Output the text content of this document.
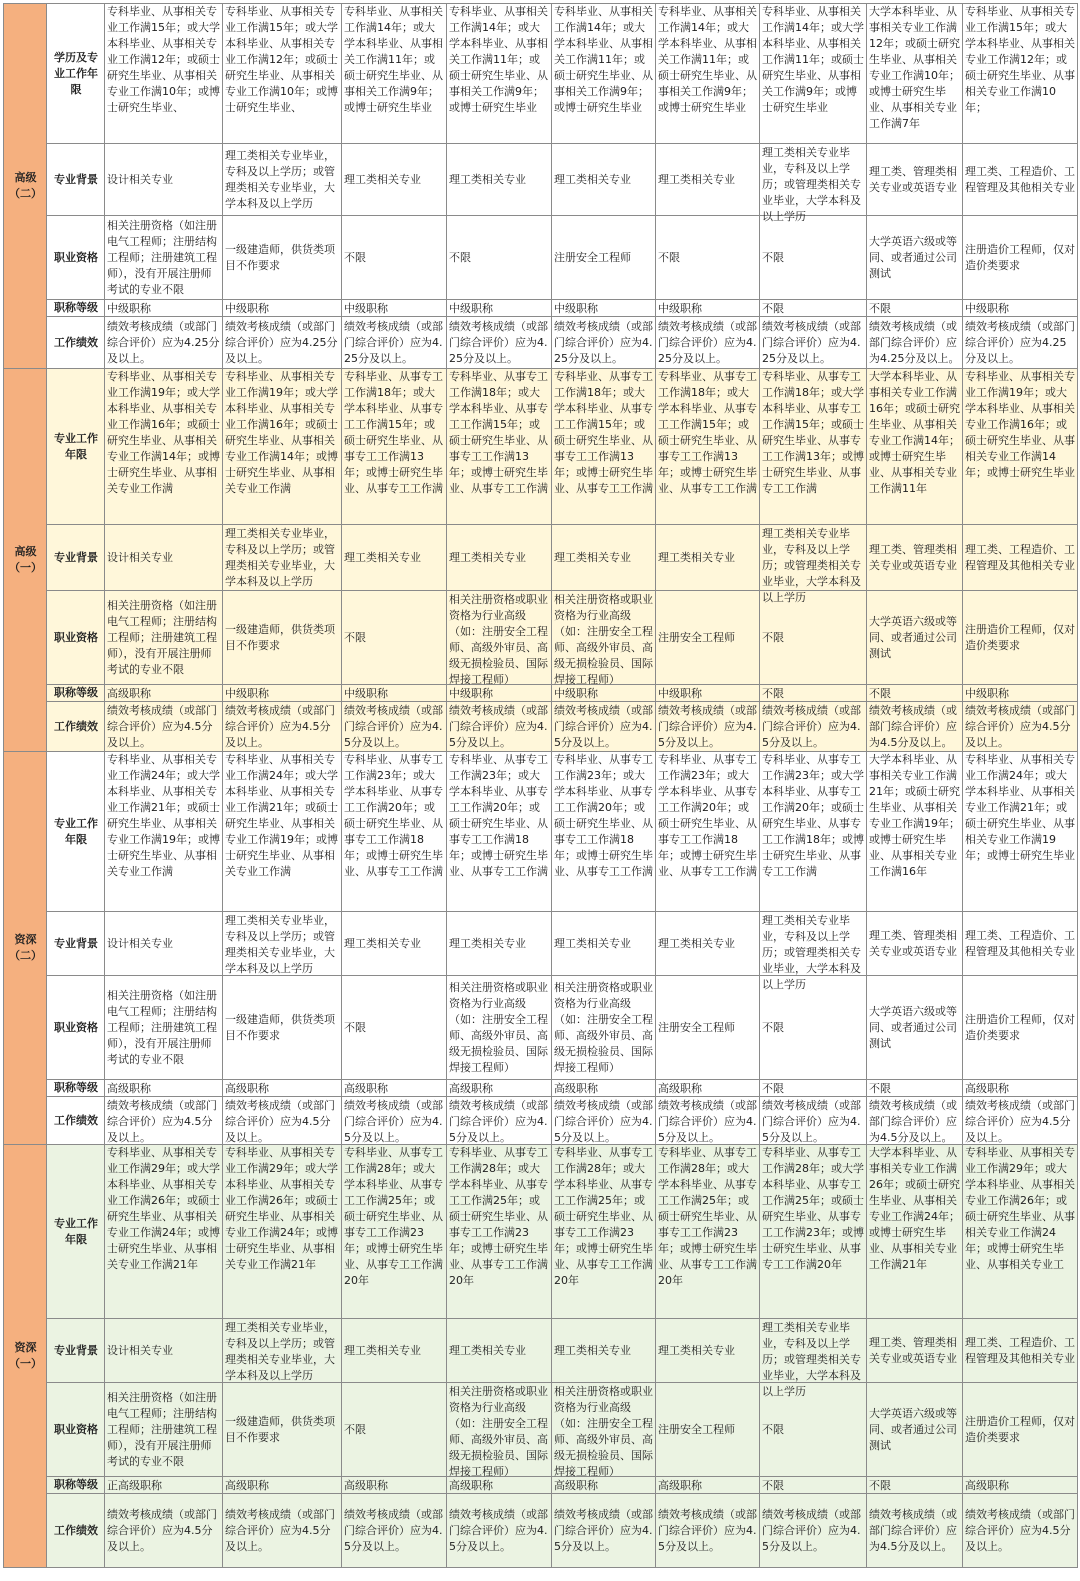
高级（二）	学历及专业工作年限	专科毕业、从事相关专业工作满15年；或大学本科毕业、从事相关专业工作满12年；或硕士研究生毕业、从事相关专业工作满10年；或博士研究生毕业、	专科毕业、从事相关专业工作满15年；或大学本科毕业、从事相关专业工作满12年；或硕士研究生毕业、从事相关专业工作满10年；或博士研究生毕业、	专科毕业、从事相关工作满14年；或大学本科毕业、从事相关工作满11年；或硕士研究生毕业、从事相关工作满9年；或博士研究生毕业	专科毕业、从事相关工作满14年；或大学本科毕业、从事相关工作满11年；或硕士研究生毕业、从事相关工作满9年；或博士研究生毕业	专科毕业、从事相关工作满14年；或大学本科毕业、从事相关工作满11年；或硕士研究生毕业、从事相关工作满9年；或博士研究生毕业	专科毕业、从事相关工作满14年；或大学本科毕业、从事相关工作满11年；或硕士研究生毕业、从事相关工作满9年；或博士研究生毕业	专科毕业、从事相关工作满14年；或大学本科毕业、从事相关工作满11年；或硕士研究生毕业、从事相关工作满9年；或博士研究生毕业	大学本科毕业、从事相关专业工作满12年；或硕士研究生毕业、从事相关专业工作满10年；或博士研究生毕业、从事相关专业工作满7年	专科毕业、从事相关专业工作满15年；或大学本科毕业、从事相关专业工作满12年；或硕士研究生毕业、从事相关专业工作满10年；

	专业背景	设计相关专业	理工类相关专业毕业，专科及以上学历；或管理类相关专业毕业，大学本科及以上学历	理工类相关专业	理工类相关专业	理工类相关专业	理工类相关专业	理工类相关专业毕业，专科及以上学历；或管理类相关专业毕业，大学本科及以上学历	理工类、管理类相关专业或英语专业	理工类、工程造价、工程管理及其他相关专业

	职业资格	相关注册资格（如注册电气工程师；注册结构工程师；注册建筑工程师），没有开展注册师考试的专业不限	一级建造师，供货类项目不作要求	不限	不限	注册安全工程师	不限	不限	大学英语六级或等同、或者通过公司测试	注册造价工程师，仅对造价类要求

	职称等级	中级职称	中级职称	中级职称	中级职称	中级职称	中级职称	不限	不限	中级职称

	工作绩效	绩效考核成绩（或部门综合评价）应为4.25分及以上。	绩效考核成绩（或部门综合评价）应为4.25分及以上。	绩效考核成绩（或部门综合评价）应为4.25分及以上。	绩效考核成绩（或部门综合评价）应为4.25分及以上。	绩效考核成绩（或部门综合评价）应为4.25分及以上。	绩效考核成绩（或部门综合评价）应为4.25分及以上。	绩效考核成绩（或部门综合评价）应为4.25分及以上。	绩效考核成绩（或部门综合评价）应为4.25分及以上。	绩效考核成绩（或部门综合评价）应为4.25分及以上。

高级（一）	专业工作年限	专科毕业、从事相关专业工作满19年；或大学本科毕业、从事相关专业工作满16年；或硕士研究生毕业、从事相关专业工作满14年；或博士研究生毕业、从事相关专业工作满	专科毕业、从事相关专业工作满19年；或大学本科毕业、从事相关专业工作满16年；或硕士研究生毕业、从事相关专业工作满14年；或博士研究生毕业、从事相关专业工作满	专科毕业、从事专工工作满18年；或大学本科毕业、从事专工工作满15年；或硕士研究生毕业、从事专工工作满13年；或博士研究生毕业、从事专工工作满	专科毕业、从事专工工作满18年；或大学本科毕业、从事专工工作满15年；或硕士研究生毕业、从事专工工作满13年；或博士研究生毕业、从事专工工作满	专科毕业、从事专工工作满18年；或大学本科毕业、从事专工工作满15年；或硕士研究生毕业、从事专工工作满13年；或博士研究生毕业、从事专工工作满	专科毕业、从事专工工作满18年；或大学本科毕业、从事专工工作满15年；或硕士研究生毕业、从事专工工作满13年；或博士研究生毕业、从事专工工作满	专科毕业、从事专工工作满18年；或大学本科毕业、从事专工工作满15年；或硕士研究生毕业、从事专工工作满13年；或博士研究生毕业、从事专工工作满	大学本科毕业、从事相关专业工作满16年；或硕士研究生毕业、从事相关专业工作满14年；或博士研究生毕业、从事相关专业工作满11年	专科毕业、从事相关专业工作满19年；或大学本科毕业、从事相关专业工作满16年；或硕士研究生毕业、从事相关专业工作满14年；或博士研究生毕业

	专业背景	设计相关专业	理工类相关专业毕业，专科及以上学历；或管理类相关专业毕业，大学本科及以上学历	理工类相关专业	理工类相关专业	理工类相关专业	理工类相关专业	理工类相关专业毕业，专科及以上学历；或管理类相关专业毕业，大学本科及以上学历	理工类、管理类相关专业或英语专业	理工类、工程造价、工程管理及其他相关专业

	职业资格	相关注册资格（如注册电气工程师；注册结构工程师；注册建筑工程师），没有开展注册师考试的专业不限	一级建造师，供货类项目不作要求	不限	相关注册资格或职业资格为行业高级（如：注册安全工程师、高级外审员、高级无损检验员、国际焊接工程师）	相关注册资格或职业资格为行业高级（如：注册安全工程师、高级外审员、高级无损检验员、国际焊接工程师）	注册安全工程师	不限	大学英语六级或等同、或者通过公司测试	注册造价工程师，仅对造价类要求

	职称等级	高级职称	中级职称	中级职称	中级职称	中级职称	中级职称	不限	不限	中级职称

	工作绩效	绩效考核成绩（或部门综合评价）应为4.5分及以上。	绩效考核成绩（或部门综合评价）应为4.5分及以上。	绩效考核成绩（或部门综合评价）应为4.5分及以上。	绩效考核成绩（或部门综合评价）应为4.5分及以上。	绩效考核成绩（或部门综合评价）应为4.5分及以上。	绩效考核成绩（或部门综合评价）应为4.5分及以上。	绩效考核成绩（或部门综合评价）应为4.5分及以上。	绩效考核成绩（或部门综合评价）应为4.5分及以上。	绩效考核成绩（或部门综合评价）应为4.5分及以上。

资深（二）	专业工作年限	专科毕业、从事相关专业工作满24年；或大学本科毕业、从事相关专业工作满21年；或硕士研究生毕业、从事相关专业工作满19年；或博士研究生毕业、从事相关专业工作满	专科毕业、从事相关专业工作满24年；或大学本科毕业、从事相关专业工作满21年；或硕士研究生毕业、从事相关专业工作满19年；或博士研究生毕业、从事相关专业工作满	专科毕业、从事专工工作满23年；或大学本科毕业、从事专工工作满20年；或硕士研究生毕业、从事专工工作满18年；或博士研究生毕业、从事专工工作满	专科毕业、从事专工工作满23年；或大学本科毕业、从事专工工作满20年；或硕士研究生毕业、从事专工工作满18年；或博士研究生毕业、从事专工工作满	专科毕业、从事专工工作满23年；或大学本科毕业、从事专工工作满20年；或硕士研究生毕业、从事专工工作满18年；或博士研究生毕业、从事专工工作满	专科毕业、从事专工工作满23年；或大学本科毕业、从事专工工作满20年；或硕士研究生毕业、从事专工工作满18年；或博士研究生毕业、从事专工工作满	专科毕业、从事专工工作满23年；或大学本科毕业、从事专工工作满20年；或硕士研究生毕业、从事专工工作满18年；或博士研究生毕业、从事专工工作满	大学本科毕业、从事相关专业工作满21年；或硕士研究生毕业、从事相关专业工作满19年；或博士研究生毕业、从事相关专业工作满16年	专科毕业、从事相关专业工作满24年；或大学本科毕业、从事相关专业工作满21年；或硕士研究生毕业、从事相关专业工作满19年；或博士研究生毕业

	专业背景	设计相关专业	理工类相关专业毕业，专科及以上学历；或管理类相关专业毕业，大学本科及以上学历	理工类相关专业	理工类相关专业	理工类相关专业	理工类相关专业	理工类相关专业毕业，专科及以上学历；或管理类相关专业毕业，大学本科及以上学历	理工类、管理类相关专业或英语专业	理工类、工程造价、工程管理及其他相关专业

	职业资格	相关注册资格（如注册电气工程师；注册结构工程师；注册建筑工程师），没有开展注册师考试的专业不限	一级建造师，供货类项目不作要求	不限	相关注册资格或职业资格为行业高级（如：注册安全工程师、高级外审员、高级无损检验员、国际焊接工程师）	相关注册资格或职业资格为行业高级（如：注册安全工程师、高级外审员、高级无损检验员、国际焊接工程师）	注册安全工程师	不限	大学英语六级或等同、或者通过公司测试	注册造价工程师，仅对造价类要求

	职称等级	高级职称	高级职称	高级职称	高级职称	高级职称	高级职称	不限	不限	高级职称

	工作绩效	绩效考核成绩（或部门综合评价）应为4.5分及以上。	绩效考核成绩（或部门综合评价）应为4.5分及以上。	绩效考核成绩（或部门综合评价）应为4.5分及以上。	绩效考核成绩（或部门综合评价）应为4.5分及以上。	绩效考核成绩（或部门综合评价）应为4.5分及以上。	绩效考核成绩（或部门综合评价）应为4.5分及以上。	绩效考核成绩（或部门综合评价）应为4.5分及以上。	绩效考核成绩（或部门综合评价）应为4.5分及以上。	绩效考核成绩（或部门综合评价）应为4.5分及以上。

资深（一）	专业工作年限	专科毕业、从事相关专业工作满29年；或大学本科毕业、从事相关专业工作满26年；或硕士研究生毕业、从事相关专业工作满24年；或博士研究生毕业、从事相关专业工作满21年	专科毕业、从事相关专业工作满29年；或大学本科毕业、从事相关专业工作满26年；或硕士研究生毕业、从事相关专业工作满24年；或博士研究生毕业、从事相关专业工作满21年	专科毕业、从事专工工作满28年；或大学本科毕业、从事专工工作满25年；或硕士研究生毕业、从事专工工作满23年；或博士研究生毕业、从事专工工作满20年	专科毕业、从事专工工作满28年；或大学本科毕业、从事专工工作满25年；或硕士研究生毕业、从事专工工作满23年；或博士研究生毕业、从事专工工作满20年	专科毕业、从事专工工作满28年；或大学本科毕业、从事专工工作满25年；或硕士研究生毕业、从事专工工作满23年；或博士研究生毕业、从事专工工作满20年	专科毕业、从事专工工作满28年；或大学本科毕业、从事专工工作满25年；或硕士研究生毕业、从事专工工作满23年；或博士研究生毕业、从事专工工作满20年	专科毕业、从事专工工作满28年；或大学本科毕业、从事专工工作满25年；或硕士研究生毕业、从事专工工作满23年；或博士研究生毕业、从事专工工作满20年	大学本科毕业、从事相关专业工作满26年；或硕士研究生毕业、从事相关专业工作满24年；或博士研究生毕业、从事相关专业工作满21年	专科毕业、从事相关专业工作满29年；或大学本科毕业、从事相关专业工作满26年；或硕士研究生毕业、从事相关专业工作满24年；或博士研究生毕业、从事相关专业工

	专业背景	设计相关专业	理工类相关专业毕业，专科及以上学历；或管理类相关专业毕业，大学本科及以上学历	理工类相关专业	理工类相关专业	理工类相关专业	理工类相关专业	理工类相关专业毕业，专科及以上学历；或管理类相关专业毕业，大学本科及以上学历	理工类、管理类相关专业或英语专业	理工类、工程造价、工程管理及其他相关专业

	职业资格	相关注册资格（如注册电气工程师；注册结构工程师；注册建筑工程师），没有开展注册师考试的专业不限	一级建造师，供货类项目不作要求	不限	相关注册资格或职业资格为行业高级（如：注册安全工程师、高级外审员、高级无损检验员、国际焊接工程师）	相关注册资格或职业资格为行业高级（如：注册安全工程师、高级外审员、高级无损检验员、国际焊接工程师）	注册安全工程师	不限	大学英语六级或等同、或者通过公司测试	注册造价工程师，仅对造价类要求

	职称等级	正高级职称	高级职称	高级职称	高级职称	高级职称	高级职称	不限	不限	高级职称

	工作绩效	绩效考核成绩（或部门综合评价）应为4.5分及以上。	绩效考核成绩（或部门综合评价）应为4.5分及以上。	绩效考核成绩（或部门综合评价）应为4.5分及以上。	绩效考核成绩（或部门综合评价）应为4.5分及以上。	绩效考核成绩（或部门综合评价）应为4.5分及以上。	绩效考核成绩（或部门综合评价）应为4.5分及以上。	绩效考核成绩（或部门综合评价）应为4.5分及以上。	绩效考核成绩（或部门综合评价）应为4.5分及以上。	绩效考核成绩（或部门综合评价）应为4.5分及以上。
